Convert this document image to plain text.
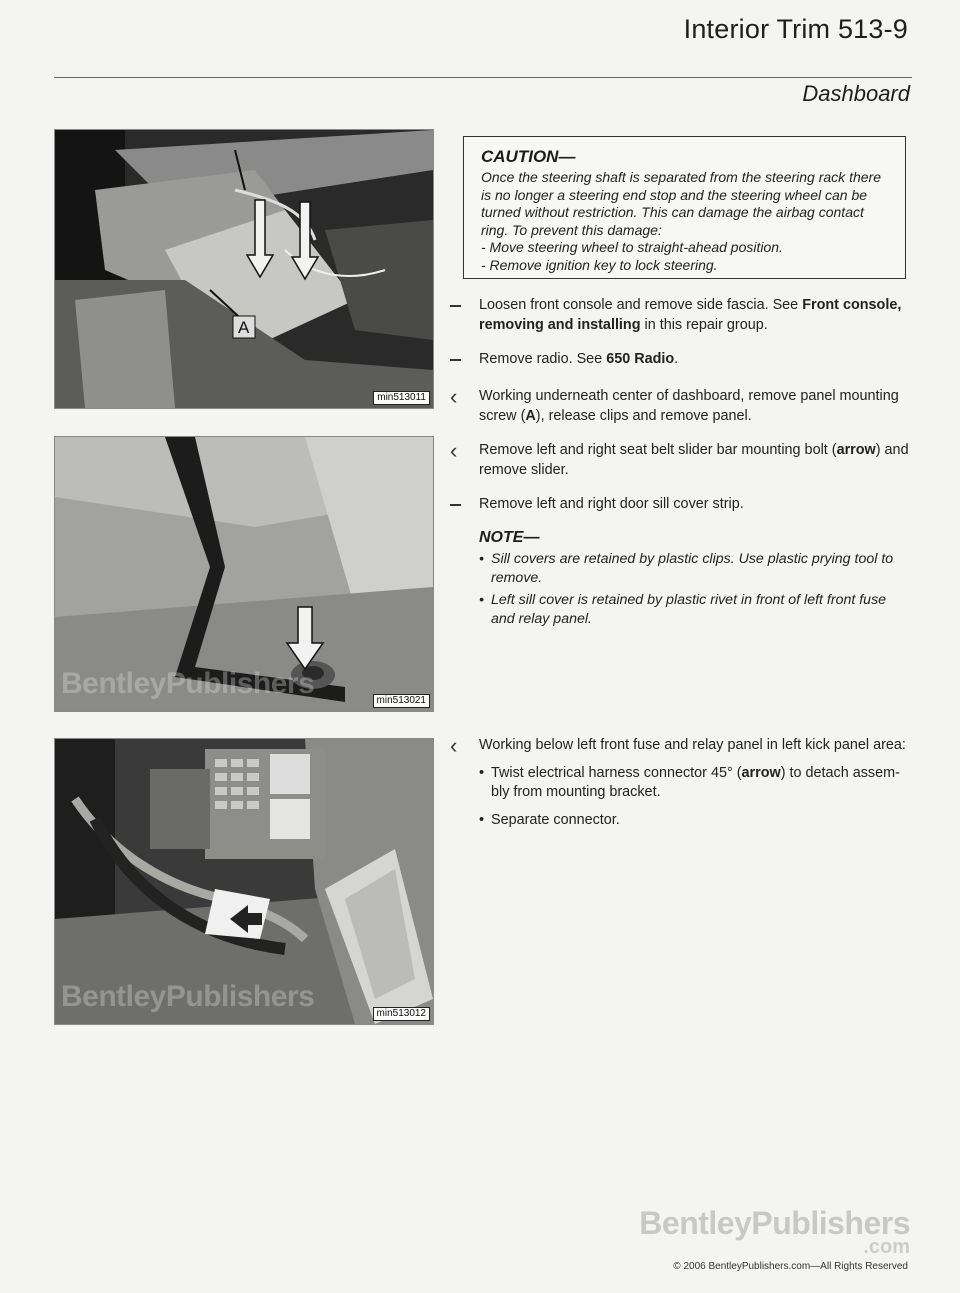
Interior Trim 513-9
Dashboard
A
min513011
BentleyPublishers
min513021
BentleyPublishers
min513012
CAUTION—
Once the steering shaft is separated from the steering rack there
is no longer a steering end stop and the steering wheel can be
turned without restriction. This can damage the airbag contact
ring. To prevent this damage:
- Move steering wheel to straight-ahead position.
- Remove ignition key to lock steering.
Loosen front console and remove side fascia. See Front console,
removing and installing in this repair group.
Remove radio. See 650 Radio.
‹	Working underneath center of dashboard, remove panel mounting
screw (A), release clips and remove panel.
‹	Remove left and right seat belt slider bar mounting bolt (arrow) and
remove slider.
Remove left and right door sill cover strip.
NOTE—
• Sill covers are retained by plastic clips. Use plastic prying tool to
remove.
• Left sill cover is retained by plastic rivet in front of left front fuse
and relay panel.
‹	Working below left front fuse and relay panel in left kick panel area:
• Twist electrical harness connector 45° (arrow) to detach assem-
bly from mounting bracket.
• Separate connector.
BentleyPublishers
.com
© 2006 BentleyPublishers.com—All Rights Reserved
